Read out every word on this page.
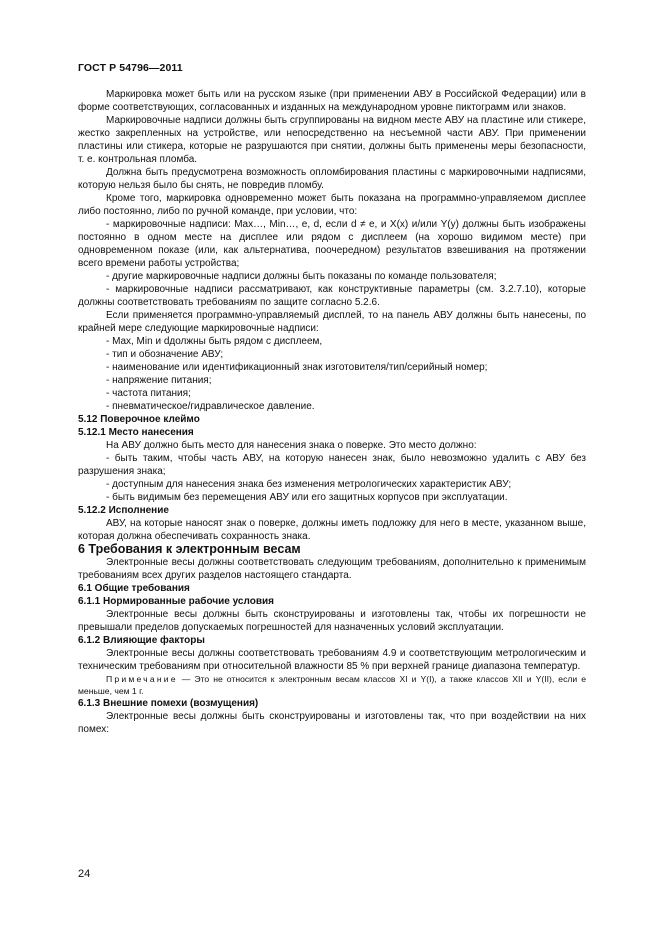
ГОСТ Р 54796—2011

Маркировка может быть или на русском языке (при применении АВУ в Российской Федерации) или в форме соответствующих, согласованных и изданных на международном уровне пиктограмм или знаков.

Маркировочные надписи должны быть сгруппированы на видном месте АВУ на пластине или стикере, жестко закрепленных на устройстве, или непосредственно на несъемной части АВУ. При применении пластины или стикера, которые не разрушаются при снятии, должны быть применены меры безопасности, т. е. контрольная пломба.

Должна быть предусмотрена возможность опломбирования пластины с маркировочными надписями, которую нельзя было бы снять, не повредив пломбу.

Кроме того, маркировка одновременно может быть показана на программно-управляемом дисплее либо постоянно, либо по ручной команде, при условии, что:

- маркировочные надписи: Max…, Min…, e, d, если d ≠ e, и X(x) и/или Y(y) должны быть изображены постоянно в одном месте на дисплее или рядом с дисплеем (на хорошо видимом месте) при одновременном показе (или, как альтернатива, поочередном) результатов взвешивания на протяжении всего времени работы устройства;

- другие маркировочные надписи должны быть показаны по команде пользователя;

- маркировочные надписи рассматривают, как конструктивные параметры (см. 3.2.7.10), которые должны соответствовать требованиям по защите согласно 5.2.6.

Если применяется программно-управляемый дисплей, то на панель АВУ должны быть нанесены, по крайней мере следующие маркировочные надписи:

- Max, Min и dдолжны быть рядом с дисплеем,

- тип и обозначение АВУ;

- наименование или идентификационный знак изготовителя/тип/серийный номер;

- напряжение питания;

- частота питания;

- пневматическое/гидравлическое давление.

5.12 Поверочное клеймо

5.12.1 Место нанесения

На АВУ должно быть место для нанесения знака о поверке. Это место должно:

- быть таким, чтобы часть АВУ, на которую нанесен знак, было невозможно удалить с АВУ без разрушения знака;

- доступным для нанесения знака без изменения метрологических характеристик АВУ;

- быть видимым без перемещения АВУ или его защитных корпусов при эксплуатации.

5.12.2 Исполнение

АВУ, на которые наносят знак о поверке, должны иметь подложку для него в месте, указанном выше, которая должна обеспечивать сохранность знака.

6 Требования к электронным весам

Электронные весы должны соответствовать следующим требованиям, дополнительно к применимым требованиям всех других разделов настоящего стандарта.

6.1 Общие требования

6.1.1 Нормированные рабочие условия

Электронные весы должны быть сконструированы и изготовлены так, чтобы их погрешности не превышали пределов допускаемых погрешностей для назначенных условий эксплуатации.

6.1.2 Влияющие факторы

Электронные весы должны соответствовать требованиям 4.9 и соответствующим метрологическим и техническим требованиям при относительной влажности 85 % при верхней границе диапазона температур.

Примечание — Это не относится к электронным весам классов XI и Y(I), а также классов XII и Y(II), если e меньше, чем 1 г.

6.1.3 Внешние помехи (возмущения)

Электронные весы должны быть сконструированы и изготовлены так, что при воздействии на них помех:

24
